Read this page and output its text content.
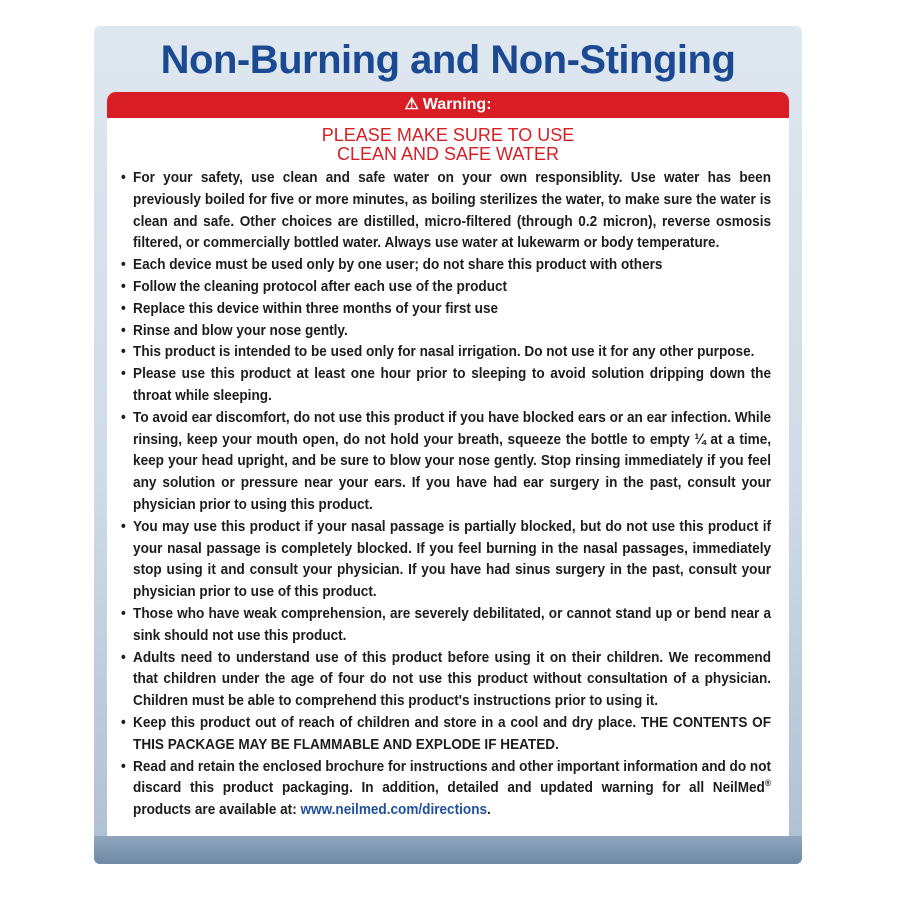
Non-Burning and Non-Stinging
⚠ Warning:
PLEASE MAKE SURE TO USE
CLEAN AND SAFE WATER
• For your safety, use clean and safe water on your own responsiblity. Use water has been previously boiled for five or more minutes, as boiling sterilizes the water, to make sure the water is clean and safe. Other choices are distilled, micro-filtered (through 0.2 micron), reverse osmosis filtered, or commercially bottled water. Always use water at lukewarm or body temperature.
• Each device must be used only by one user; do not share this product with others
• Follow the cleaning protocol after each use of the product
• Replace this device within three months of your first use
• Rinse and blow your nose gently.
• This product is intended to be used only for nasal irrigation. Do not use it for any other purpose.
• Please use this product at least one hour prior to sleeping to avoid solution dripping down the throat while sleeping.
• To avoid ear discomfort, do not use this product if you have blocked ears or an ear infection. While rinsing, keep your mouth open, do not hold your breath, squeeze the bottle to empty ¼ at a time, keep your head upright, and be sure to blow your nose gently. Stop rinsing immediately if you feel any solution or pressure near your ears. If you have had ear surgery in the past, consult your physician prior to using this product.
• You may use this product if your nasal passage is partially blocked, but do not use this product if your nasal passage is completely blocked. If you feel burning in the nasal passages, immediately stop using it and consult your physician. If you have had sinus surgery in the past, consult your physician prior to use of this product.
• Those who have weak comprehension, are severely debilitated, or cannot stand up or bend near a sink should not use this product.
• Adults need to understand use of this product before using it on their children. We recommend that children under the age of four do not use this product without consultation of a physician. Children must be able to comprehend this product's instructions prior to using it.
• Keep this product out of reach of children and store in a cool and dry place. THE CONTENTS OF THIS PACKAGE MAY BE FLAMMABLE AND EXPLODE IF HEATED.
• Read and retain the enclosed brochure for instructions and other important information and do not discard this product packaging. In addition, detailed and updated warning for all NeilMed® products are available at: www.neilmed.com/directions.
